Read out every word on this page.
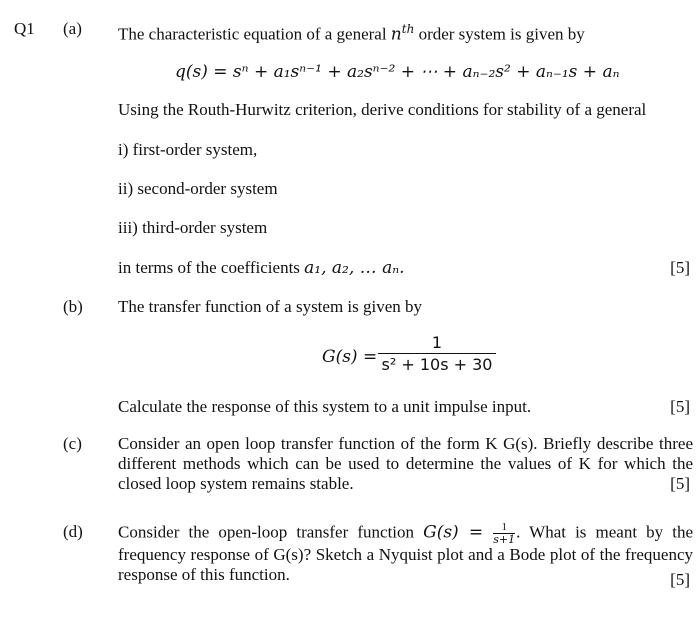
Q1 (a) The characteristic equation of a general $n^{th}$ order system is given by
q(s) = sⁿ + a₁sⁿ⁻¹ + a₂sⁿ⁻² + ⋯ + aₙ₋₂s² + aₙ₋₁s + aₙ
Using the Routh-Hurwitz criterion, derive conditions for stability of a general
i) first-order system,
ii) second-order system
iii) third-order system
in terms of the coefficients a₁, a₂, … aₙ.	[5]
(b) The transfer function of a system is given by
$G(s) = \frac{1}{\text{s² + 10s + 30}}$
Calculate the response of this system to a unit impulse input.	[5]
(c) Consider an open loop transfer function of the form K G(s). Briefly describe three different methods which can be used to determine the values of K for which the closed loop system remains stable.	[5]
(d) Consider the open-loop transfer function $G(s) = \frac{1}{s+1}$ . What is meant by the frequency response of G(s)? Sketch a Nyquist plot and a Bode plot of the frequency response of this function.	[5]
